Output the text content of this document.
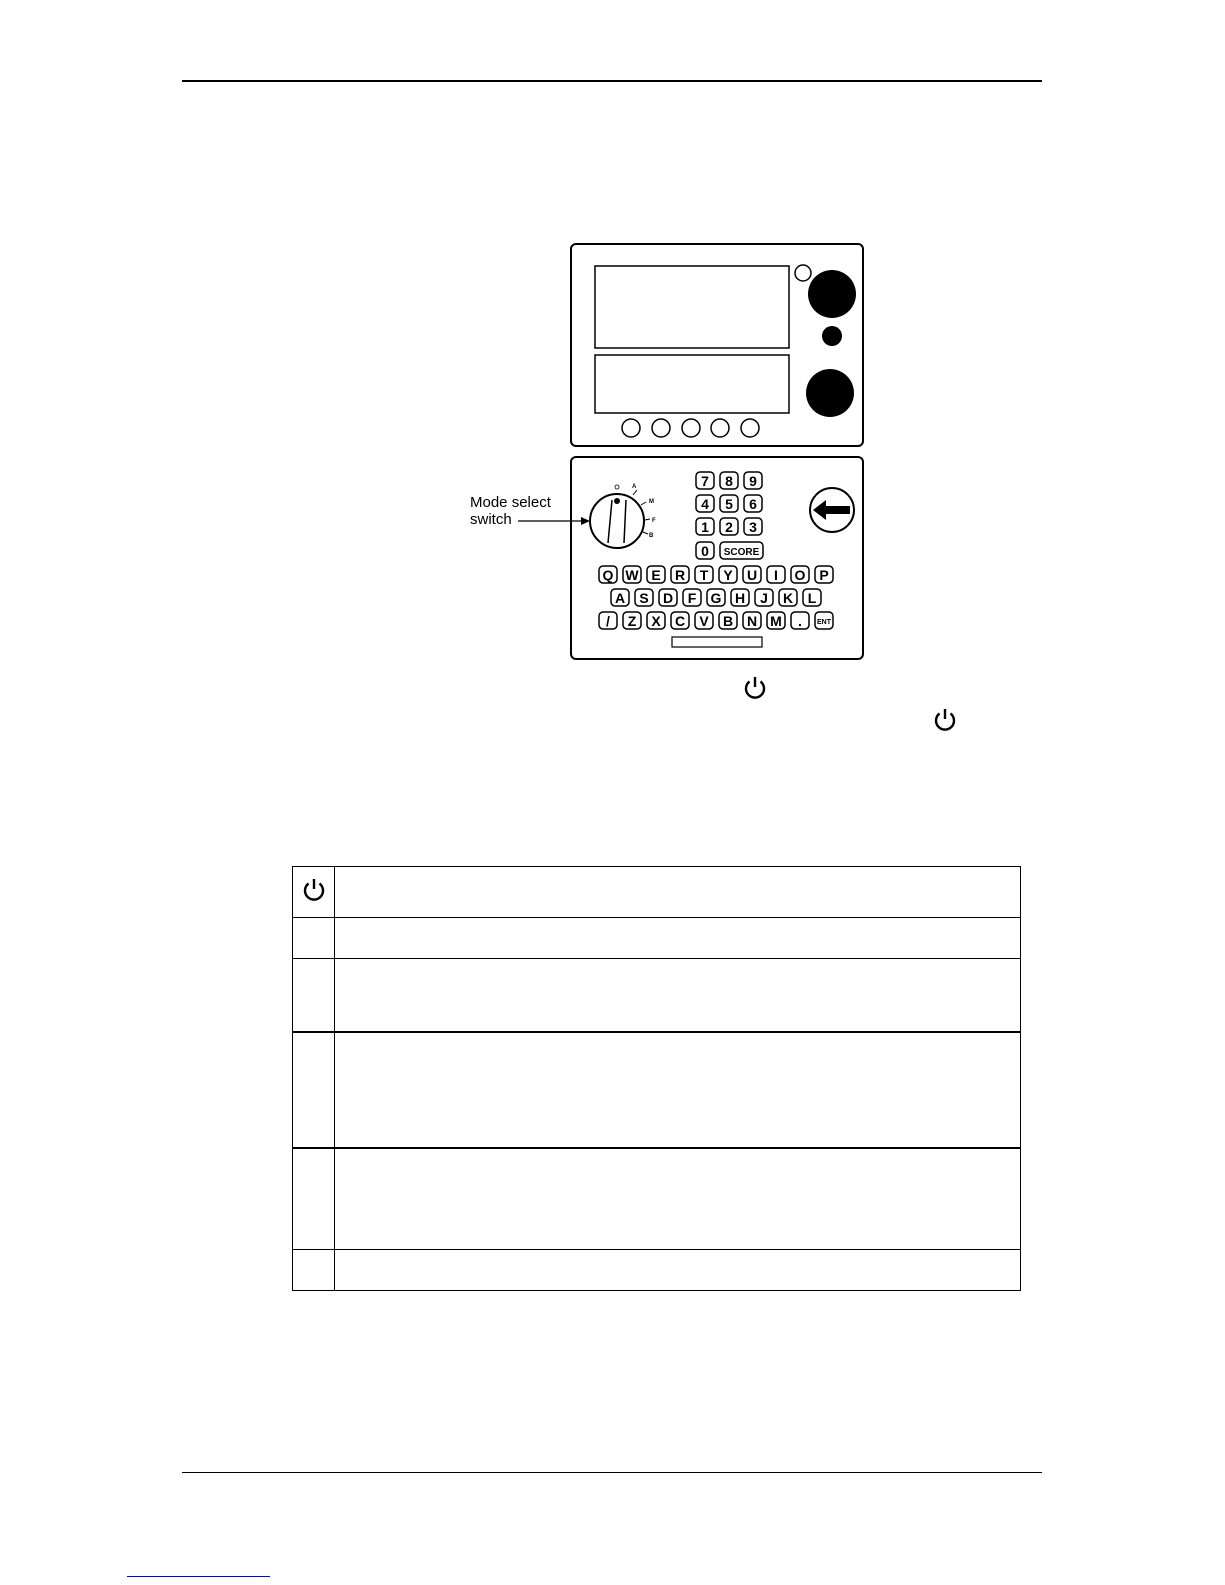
A
M
F
B
7 8 9
4 5 6
1 2 3
0 SCORE
Q W E R T Y U I O P
A S D F G H J K L
/ Z X C V B N M . ENT
Mode select
switch
